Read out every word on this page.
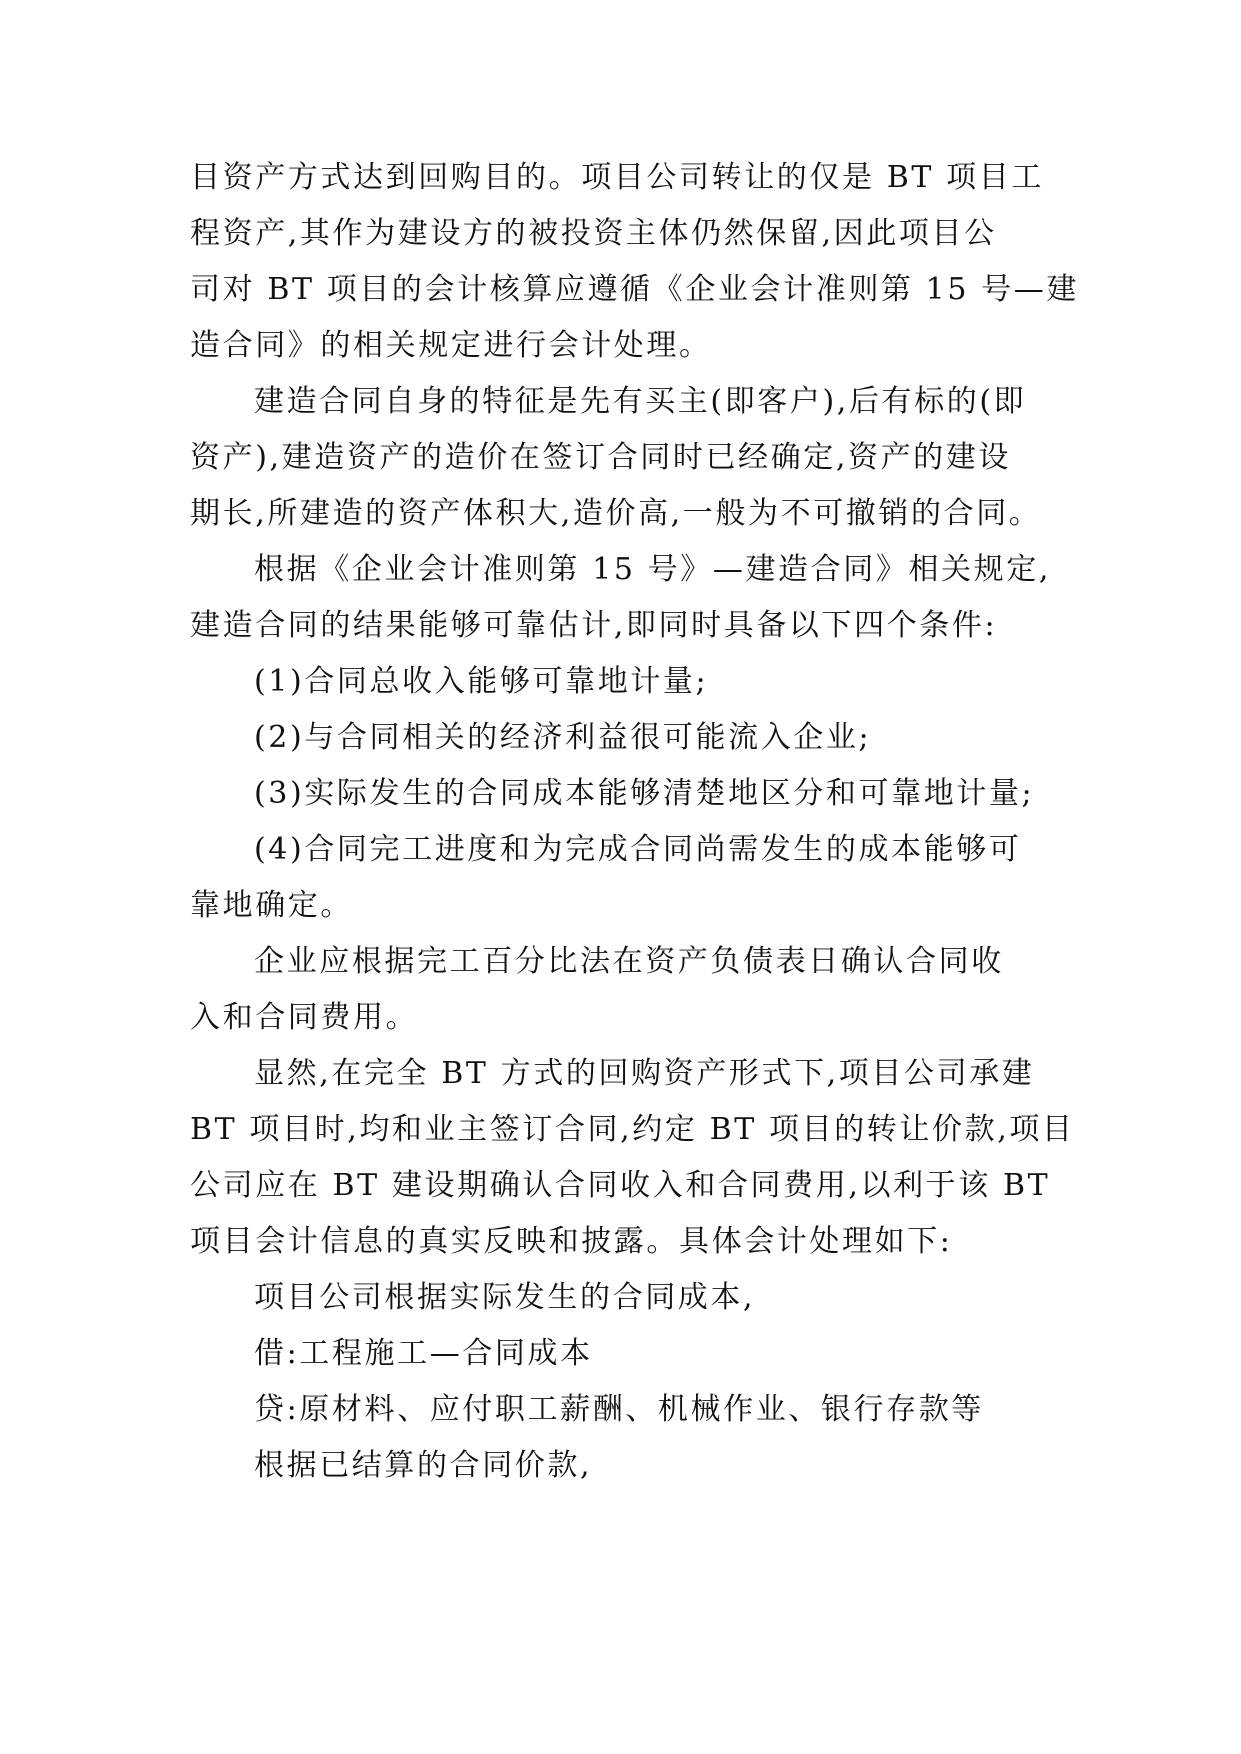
目资产方式达到回购目的。项目公司转让的仅是 BT 项目工
程资产,其作为建设方的被投资主体仍然保留,因此项目公
司对 BT 项目的会计核算应遵循《企业会计准则第 15 号—建
造合同》的相关规定进行会计处理。
建造合同自身的特征是先有买主(即客户),后有标的(即
资产),建造资产的造价在签订合同时已经确定,资产的建设
期长,所建造的资产体积大,造价高,一般为不可撤销的合同。
根据《企业会计准则第 15 号》—建造合同》相关规定,
建造合同的结果能够可靠估计,即同时具备以下四个条件:
(1)合同总收入能够可靠地计量;
(2)与合同相关的经济利益很可能流入企业;
(3)实际发生的合同成本能够清楚地区分和可靠地计量;
(4)合同完工进度和为完成合同尚需发生的成本能够可
靠地确定。
企业应根据完工百分比法在资产负债表日确认合同收
入和合同费用。
显然,在完全 BT 方式的回购资产形式下,项目公司承建
BT 项目时,均和业主签订合同,约定 BT 项目的转让价款,项目
公司应在 BT 建设期确认合同收入和合同费用,以利于该 BT
项目会计信息的真实反映和披露。具体会计处理如下:
项目公司根据实际发生的合同成本,
借:工程施工—合同成本
贷:原材料、应付职工薪酬、机械作业、银行存款等
根据已结算的合同价款,
